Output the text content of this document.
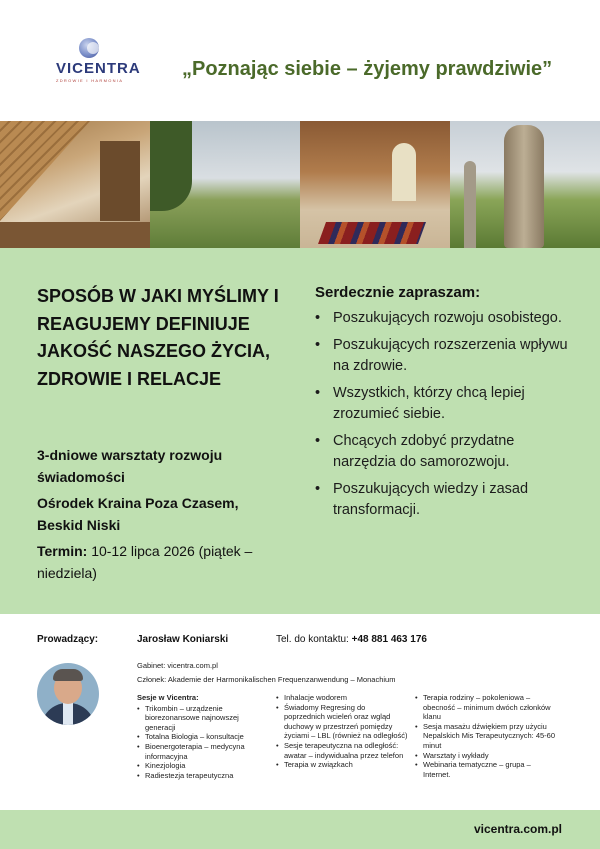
VICENTRA
ZDROWIE I HARMONIA
„Poznając siebie – żyjemy prawdziwie”
SPOSÓB W JAKI MYŚLIMY I REAGUJEMY DEFINIUJE JAKOŚĆ NASZEGO ŻYCIA, ZDROWIE I RELACJE
3-dniowe warsztaty rozwoju świadomości
Ośrodek Kraina Poza Czasem, Beskid Niski
Termin: 10-12 lipca 2026 (piątek – niedziela)
Serdecznie zapraszam:
• Poszukujących rozwoju osobistego.
• Poszukujących rozszerzenia wpływu na zdrowie.
• Wszystkich, którzy chcą lepiej zrozumieć siebie.
• Chcących zdobyć przydatne narzędzia do samorozwoju.
• Poszukujących wiedzy i zasad transformacji.
Prowadzący:	Jarosław Koniarski	Tel. do kontaktu: +48 881 463 176
Gabinet: vicentra.com.pl
Członek: Akademie der Harmonikalischen Frequenzanwendung – Monachium
Sesje w Vicentra:
• Trikombin – urządzenie biorezonansowe najnowszej generacji
• Totalna Biologia – konsultacje
• Bioenergoterapia – medycyna informacyjna
• Kinezjologia
• Radiestezja terapeutyczna
• Inhalacje wodorem
• Świadomy Regresing do poprzednich wcieleń oraz wgląd duchowy w przestrzeń pomiędzy życiami – LBL (również na odległość)
• Sesje terapeutyczna na odległość: awatar – indywidualna przez telefon
• Terapia w związkach
• Terapia rodziny – pokoleniowa – obecność – minimum dwóch członków klanu
• Sesja masażu dźwiękiem przy użyciu Nepalskich Mis Terapeutycznych: 45-60 minut
• Warsztaty i wykłady
• Webinaria tematyczne – grupa – Internet.
vicentra.com.pl
